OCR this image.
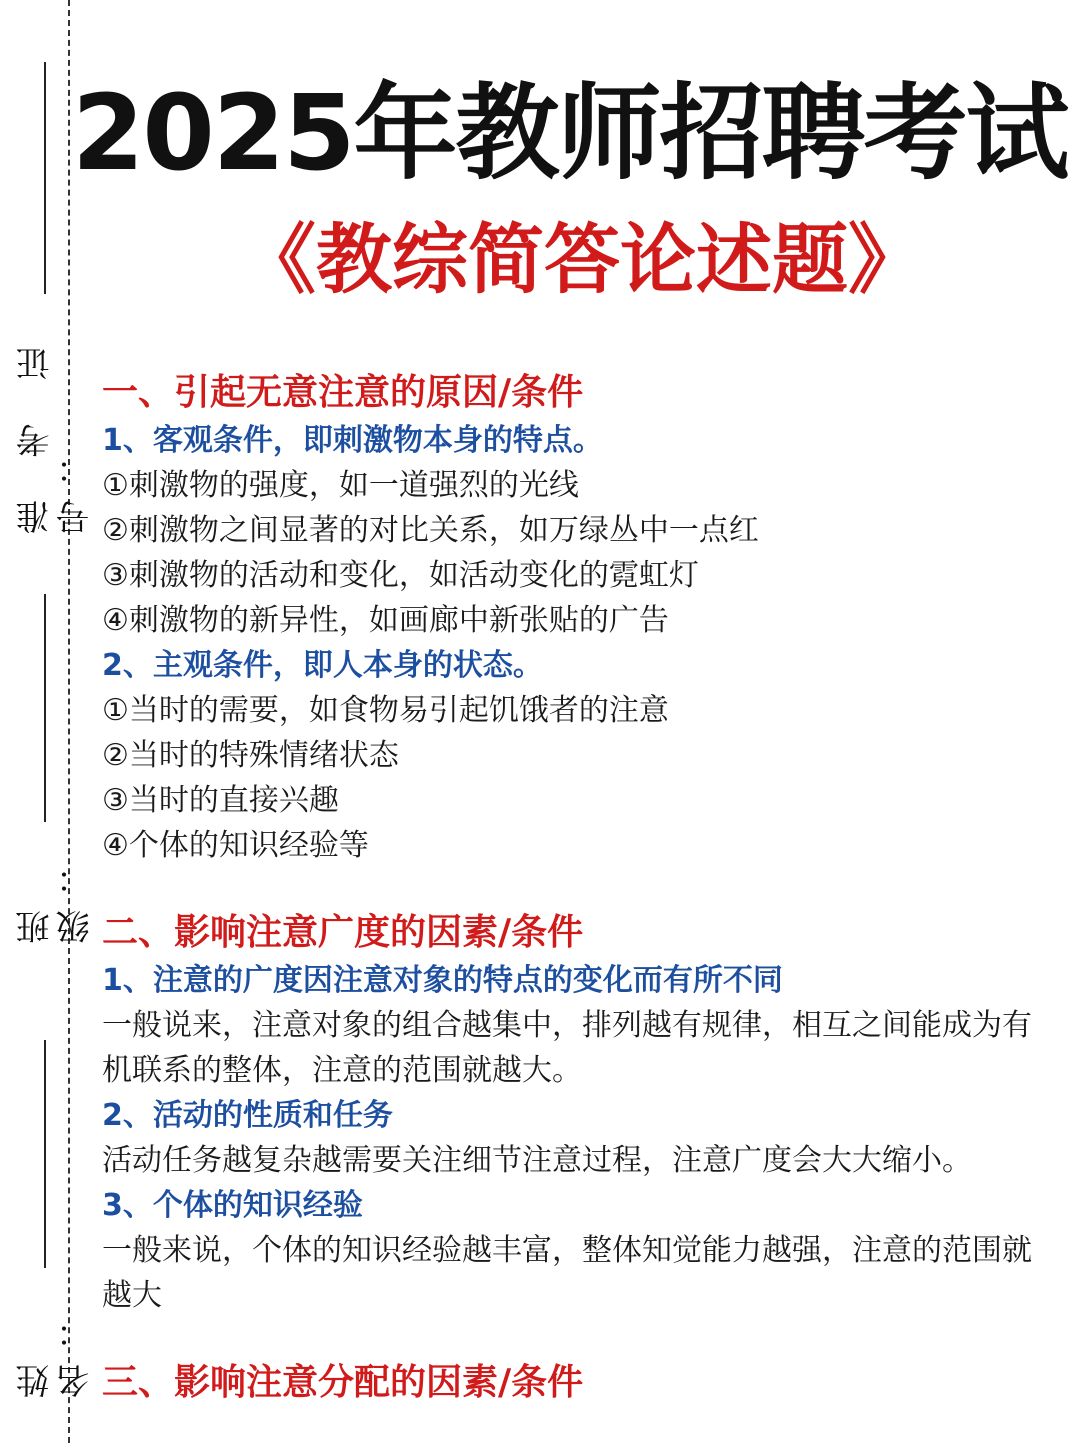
准 考 证 号：
班 级：
姓 名：
2025年教师招聘考试
《教综简答论述题》
一、引起无意注意的原因/条件
1、客观条件，即刺激物本身的特点。
①刺激物的强度，如一道强烈的光线
②刺激物之间显著的对比关系，如万绿丛中一点红
③刺激物的活动和变化，如活动变化的霓虹灯
④刺激物的新异性，如画廊中新张贴的广告
2、主观条件，即人本身的状态。
①当时的需要，如食物易引起饥饿者的注意
②当时的特殊情绪状态
③当时的直接兴趣
④个体的知识经验等
二、影响注意广度的因素/条件
1、注意的广度因注意对象的特点的变化而有所不同
一般说来，注意对象的组合越集中，排列越有规律，相互之间能成为有机联系的整体，注意的范围就越大。
2、活动的性质和任务
活动任务越复杂越需要关注细节注意过程，注意广度会大大缩小。
3、个体的知识经验
一般来说，个体的知识经验越丰富，整体知觉能力越强，注意的范围就越大
三、影响注意分配的因素/条件
